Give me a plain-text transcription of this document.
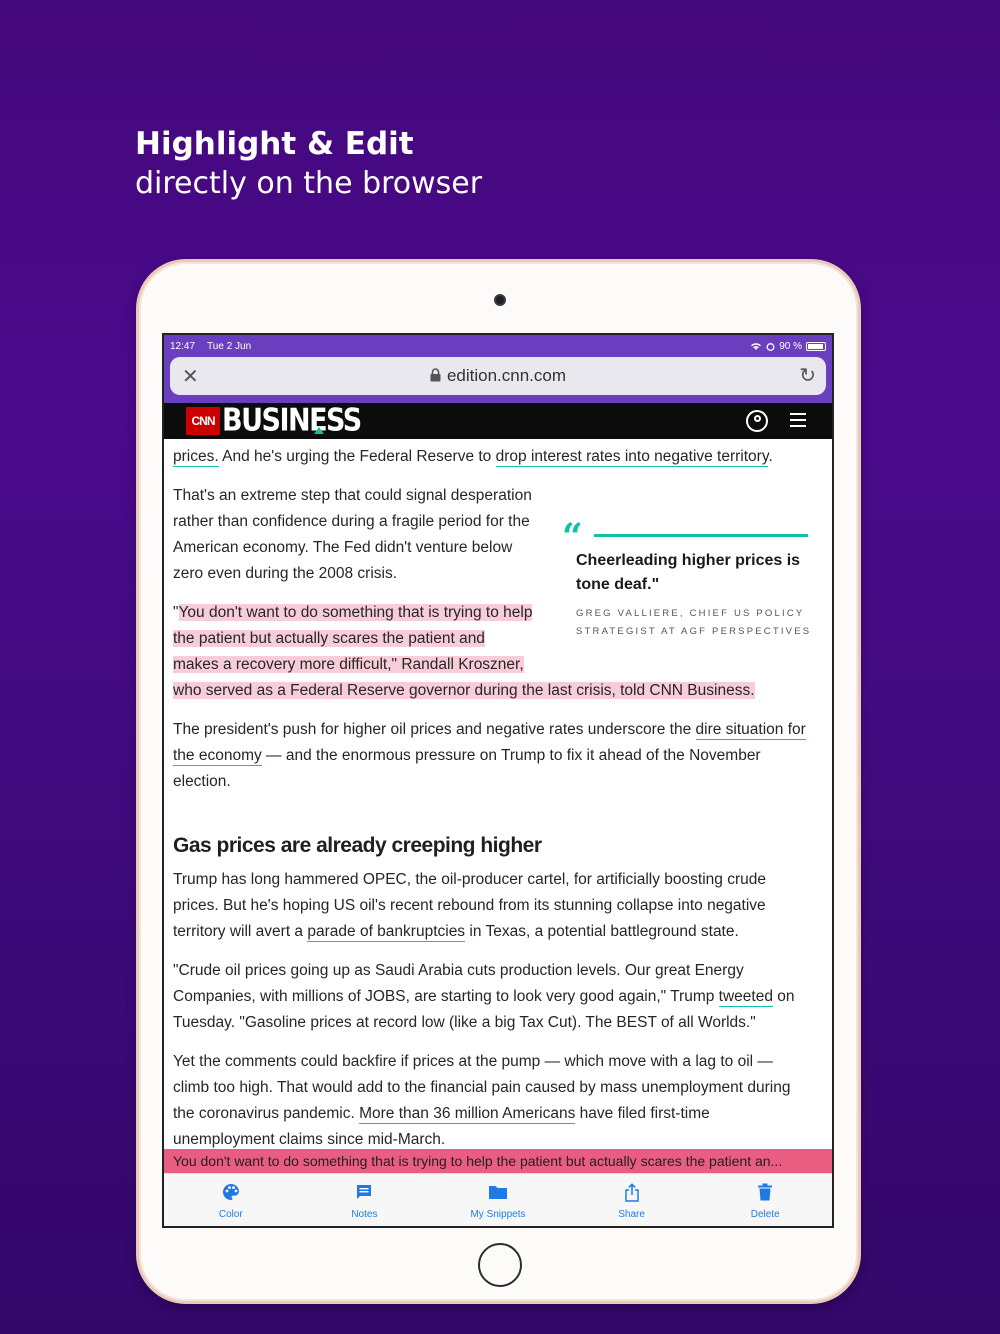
Highlight & Edit
directly on the browser
12:47 Tue 2 Jun	90 %
✕	edition.cnn.com	↻
CNN BUSINESS

prices. And he's urging the Federal Reserve to drop interest rates into negative territory.

That's an extreme step that could signal desperation
rather than confidence during a fragile period for the
American economy. The Fed didn't venture below
zero even during the 2008 crisis.

“
Cheerleading higher prices is
tone deaf."
GREG VALLIERE, CHIEF US POLICY
STRATEGIST AT AGF PERSPECTIVES

"You don't want to do something that is trying to help
the patient but actually scares the patient and
makes a recovery more difficult," Randall Kroszner,
who served as a Federal Reserve governor during the last crisis, told CNN Business.

The president's push for higher oil prices and negative rates underscore the dire situation for
the economy — and the enormous pressure on Trump to fix it ahead of the November
election.

Gas prices are already creeping higher

Trump has long hammered OPEC, the oil-producer cartel, for artificially boosting crude
prices. But he's hoping US oil's recent rebound from its stunning collapse into negative
territory will avert a parade of bankruptcies in Texas, a potential battleground state.

"Crude oil prices going up as Saudi Arabia cuts production levels. Our great Energy
Companies, with millions of JOBS, are starting to look very good again," Trump tweeted on
Tuesday. "Gasoline prices at record low (like a big Tax Cut). The BEST of all Worlds."

Yet the comments could backfire if prices at the pump — which move with a lag to oil —
climb too high. That would add to the financial pain caused by mass unemployment during
the coronavirus pandemic. More than 36 million Americans have filed first-time
unemployment claims since mid-March.

You don't want to do something that is trying to help the patient but actually scares the patient an...
Color	Notes	My Snippets	Share	Delete
